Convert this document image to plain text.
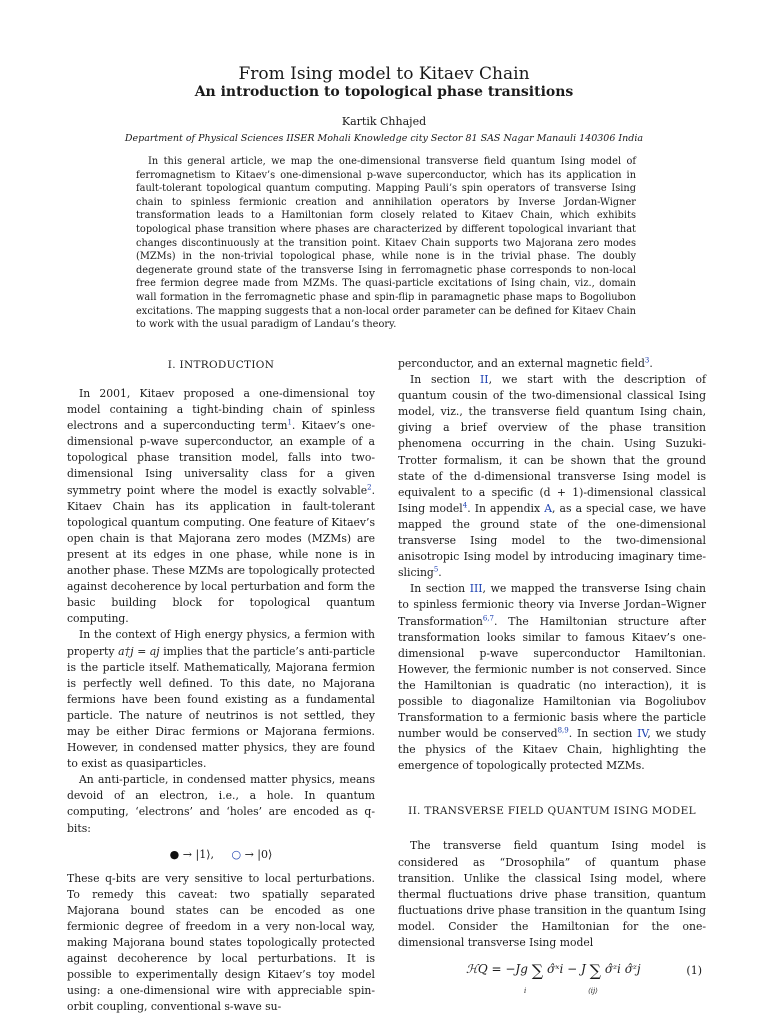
From Ising model to Kitaev Chain
An introduction to topological phase transitions
Kartik Chhajed
Department of Physical Sciences IISER Mohali Knowledge city Sector 81 SAS Nagar Manauli 140306 India

In this general article, we map the one-dimensional transverse field quantum Ising model of ferromagnetism to Kitaev’s one-dimensional p-wave superconductor, which has its application in fault-tolerant topological quantum computing. Mapping Pauli’s spin operators of transverse Ising chain to spinless fermionic creation and annihilation operators by Inverse Jordan-Wigner transformation leads to a Hamiltonian form closely related to Kitaev Chain, which exhibits topological phase transition where phases are characterized by different topological invariant that changes discontinuously at the transition point. Kitaev Chain supports two Majorana zero modes (MZMs) in the non-trivial topological phase, while none is in the trivial phase. The doubly degenerate ground state of the transverse Ising in ferromagnetic phase corresponds to non-local free fermion degree made from MZMs. The quasi-particle excitations of Ising chain, viz., domain wall formation in the ferromagnetic phase and spin-flip in paramagnetic phase maps to Bogoliubon excitations. The mapping suggests that a non-local order parameter can be defined for Kitaev Chain to work with the usual paradigm of Landau’s theory.

I. INTRODUCTION

In 2001, Kitaev proposed a one-dimensional toy model containing a tight-binding chain of spinless electrons and a superconducting term$^1$. Kitaev’s one-dimensional p-wave superconductor, an example of a topological phase transition model, falls into two-dimensional Ising universality class for a given symmetry point where the model is exactly solvable$^2$. Kitaev Chain has its application in fault-tolerant topological quantum computing. One feature of Kitaev’s open chain is that Majorana zero modes (MZMs) are present at its edges in one phase, while none is in another phase. These MZMs are topologically protected against decoherence by local perturbation and form the basic building block for topological quantum computing.

In the context of High energy physics, a fermion with property a†j = aj implies that the particle’s anti-particle is the particle itself. Mathematically, Majorana fermion is perfectly well defined. To this date, no Majorana fermions have been found existing as a fundamental particle. The nature of neutrinos is not settled, they may be either Dirac fermions or Majorana fermions. However, in condensed matter physics, they are found to exist as quasiparticles.

An anti-particle, in condensed matter physics, means devoid of an electron, i.e., a hole. In quantum computing, ‘electrons’ and ‘holes’ are encoded as q-bits:

● → |1⟩, ○ → |0⟩

These q-bits are very sensitive to local perturbations. To remedy this caveat: two spatially separated Majorana bound states can be encoded as one fermionic degree of freedom in a very non-local way, making Majorana bound states topologically protected against decoherence by local perturbations. It is possible to experimentally design Kitaev’s toy model using: a one-dimensional wire with appreciable spin-orbit coupling, conventional s-wave su-

perconductor, and an external magnetic field$^3$.

In section II, we start with the description of quantum cousin of the two-dimensional classical Ising model, viz., the transverse field quantum Ising chain, giving a brief overview of the phase transition phenomena occurring in the chain. Using Suzuki-Trotter formalism, it can be shown that the ground state of the d-dimensional transverse Ising model is equivalent to a specific (d + 1)-dimensional classical Ising model$^4$. In appendix A, as a special case, we have mapped the ground state of the one-dimensional transverse Ising model to the two-dimensional anisotropic Ising model by introducing imaginary time-slicing$^5$.

In section III, we mapped the transverse Ising chain to spinless fermionic theory via Inverse Jordan–Wigner Transformation$^{6,7}$. The Hamiltonian structure after transformation looks similar to famous Kitaev’s one-dimensional p-wave superconductor Hamiltonian. However, the fermionic number is not conserved. Since the Hamiltonian is quadratic (no interaction), it is possible to diagonalize Hamiltonian via Bogoliubov Transformation to a fermionic basis where the particle number would be conserved$^{8,9}$. In section IV, we study the physics of the Kitaev Chain, highlighting the emergence of topologically protected MZMs.

II. TRANSVERSE FIELD QUANTUM ISING MODEL

The transverse field quantum Ising model is considered as “Drosophila” of quantum phase transition. Unlike the classical Ising model, where thermal fluctuations drive phase transition, quantum fluctuations drive phase transition in the quantum Ising model. Consider the Hamiltonian for the one-dimensional transverse Ising model

ℋQ = −Jg ∑ σ̂ˣi − J ∑ σ̂ᶻi σ̂ᶻj
i	⟨ij⟩
(1)
